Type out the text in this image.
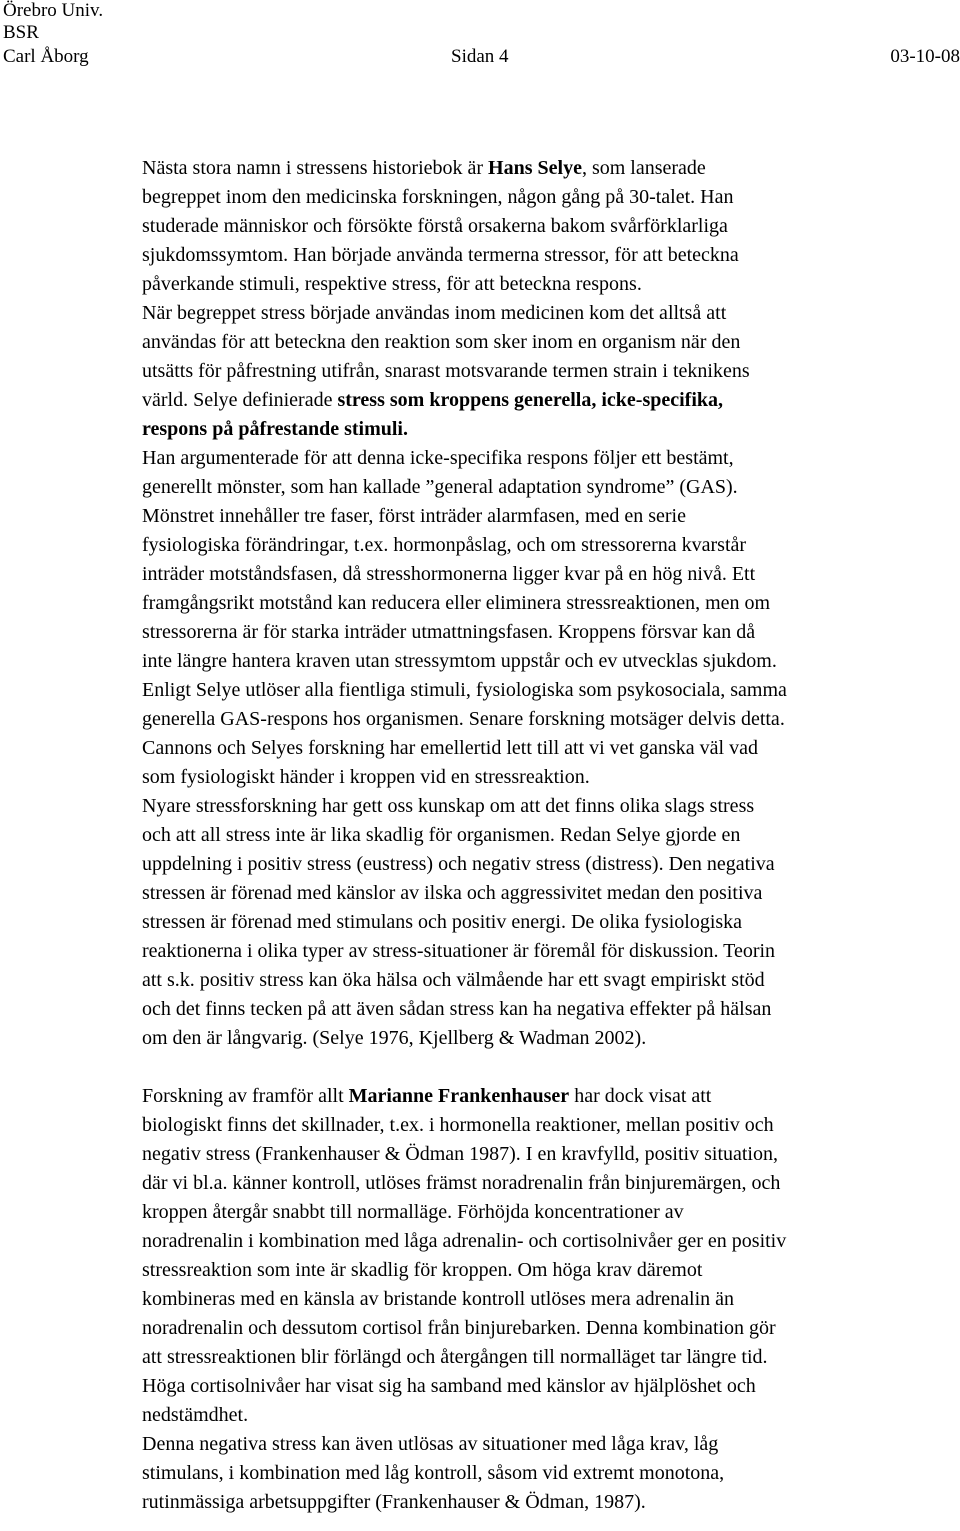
Örebro Univ.
BSR
Carl Åborg	Sidan 4	03-10-08
Nästa stora namn i stressens historiebok är Hans Selye, som lanserade
begreppet inom den medicinska forskningen, någon gång på 30-talet. Han
studerade människor och försökte förstå orsakerna bakom svårförklarliga
sjukdomssymtom. Han började använda termerna stressor, för att beteckna
påverkande stimuli, respektive stress, för att beteckna respons.
När begreppet stress började användas inom medicinen kom det alltså att
användas för att beteckna den reaktion som sker inom en organism när den
utsätts för påfrestning utifrån, snarast motsvarande termen strain i teknikens
värld. Selye definierade stress som kroppens generella, icke-specifika,
respons på påfrestande stimuli.
Han argumenterade för att denna icke-specifika respons följer ett bestämt,
generellt mönster, som han kallade ”general adaptation syndrome” (GAS).
Mönstret innehåller tre faser, först inträder alarmfasen, med en serie
fysiologiska förändringar, t.ex. hormonpåslag, och om stressorerna kvarstår
inträder motståndsfasen, då stresshormonerna ligger kvar på en hög nivå. Ett
framgångsrikt motstånd kan reducera eller eliminera stressreaktionen, men om
stressorerna är för starka inträder utmattningsfasen. Kroppens försvar kan då
inte längre hantera kraven utan stressymtom uppstår och ev utvecklas sjukdom.
Enligt Selye utlöser alla fientliga stimuli, fysiologiska som psykosociala, samma
generella GAS-respons hos organismen. Senare forskning motsäger delvis detta.
Cannons och Selyes forskning har emellertid lett till att vi vet ganska väl vad
som fysiologiskt händer i kroppen vid en stressreaktion.
Nyare stressforskning har gett oss kunskap om att det finns olika slags stress
och att all stress inte är lika skadlig för organismen. Redan Selye gjorde en
uppdelning i positiv stress (eustress) och negativ stress (distress). Den negativa
stressen är förenad med känslor av ilska och aggressivitet medan den positiva
stressen är förenad med stimulans och positiv energi. De olika fysiologiska
reaktionerna i olika typer av stress-situationer är föremål för diskussion. Teorin
att s.k. positiv stress kan öka hälsa och välmående har ett svagt empiriskt stöd
och det finns tecken på att även sådan stress kan ha negativa effekter på hälsan
om den är långvarig. (Selye 1976, Kjellberg & Wadman 2002).
Forskning av framför allt Marianne Frankenhauser har dock visat att
biologiskt finns det skillnader, t.ex. i hormonella reaktioner, mellan positiv och
negativ stress (Frankenhauser & Ödman 1987). I en kravfylld, positiv situation,
där vi bl.a. känner kontroll, utlöses främst noradrenalin från binjuremärgen, och
kroppen återgår snabbt till normalläge. Förhöjda koncentrationer av
noradrenalin i kombination med låga adrenalin- och cortisolnivåer ger en positiv
stressreaktion som inte är skadlig för kroppen. Om höga krav däremot
kombineras med en känsla av bristande kontroll utlöses mera adrenalin än
noradrenalin och dessutom cortisol från binjurebarken. Denna kombination gör
att stressreaktionen blir förlängd och återgången till normalläget tar längre tid.
Höga cortisolnivåer har visat sig ha samband med känslor av hjälplöshet och
nedstämdhet.
Denna negativa stress kan även utlösas av situationer med låga krav, låg
stimulans, i kombination med låg kontroll, såsom vid extremt monotona,
rutinmässiga arbetsuppgifter (Frankenhauser & Ödman, 1987).
